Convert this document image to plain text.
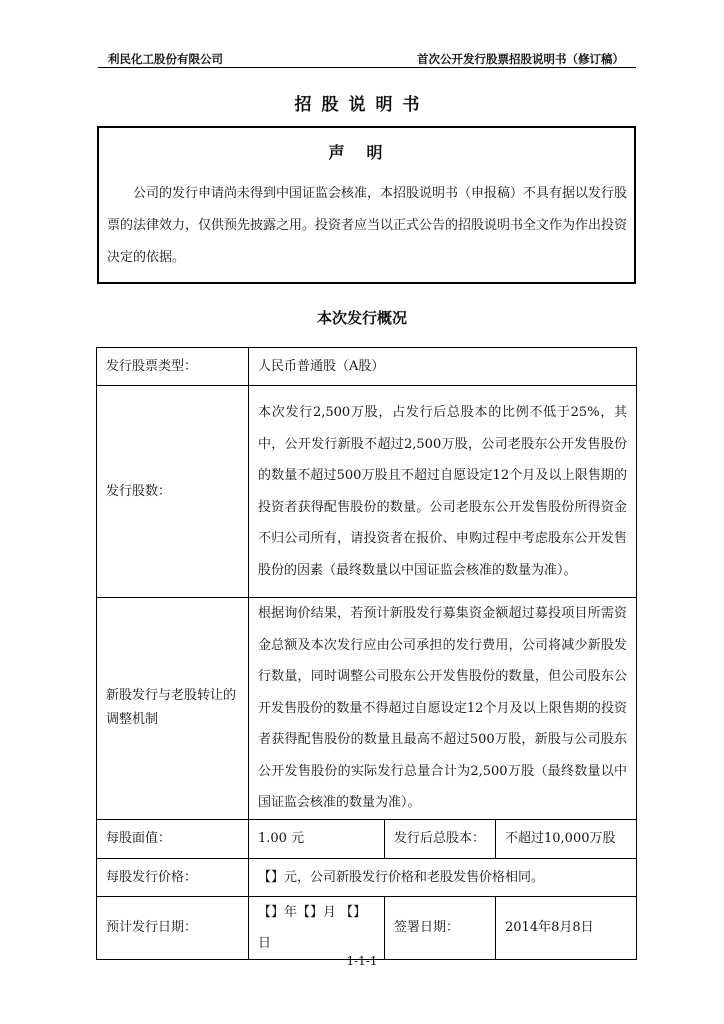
利民化工股份有限公司	首次公开发行股票招股说明书（修订稿）
招股说明书
声明
公司的发行申请尚未得到中国证监会核准，本招股说明书（申报稿）不具有据以发行股票的法律效力，仅供预先披露之用。投资者应当以正式公告的招股说明书全文作为作出投资决定的依据。
本次发行概况
发行股票类型：	人民币普通股（A股）		
发行股数：	本次发行2,500万股，占发行后总股本的比例不低于25%，其中，公开发行新股不超过2,500万股，公司老股东公开发售股份的数量不超过500万股且不超过自愿设定12个月及以上限售期的投资者获得配售股份的数量。公司老股东公开发售股份所得资金不归公司所有，请投资者在报价、申购过程中考虑股东公开发售股份的因素（最终数量以中国证监会核准的数量为准）。		

新股发行与老股转让的调整机制	根据询价结果，若预计新股发行募集资金额超过募投项目所需资金总额及本次发行应由公司承担的发行费用，公司将减少新股发行数量，同时调整公司股东公开发售股份的数量，但公司股东公开发售股份的数量不得超过自愿设定12个月及以上限售期的投资者获得配售股份的数量且最高不超过500万股，新股与公司股东公开发售股份的实际发行总量合计为2,500万股（最终数量以中国证监会核准的数量为准）。		

每股面值：	1.00 元	发行后总股本：	不超过10,000万股
每股发行价格：	【】元，公司新股发行价格和老股发售价格相同。		
预计发行日期：	【】年【】月 【】 日	签署日期：	2014年8月8日
1-1-1
